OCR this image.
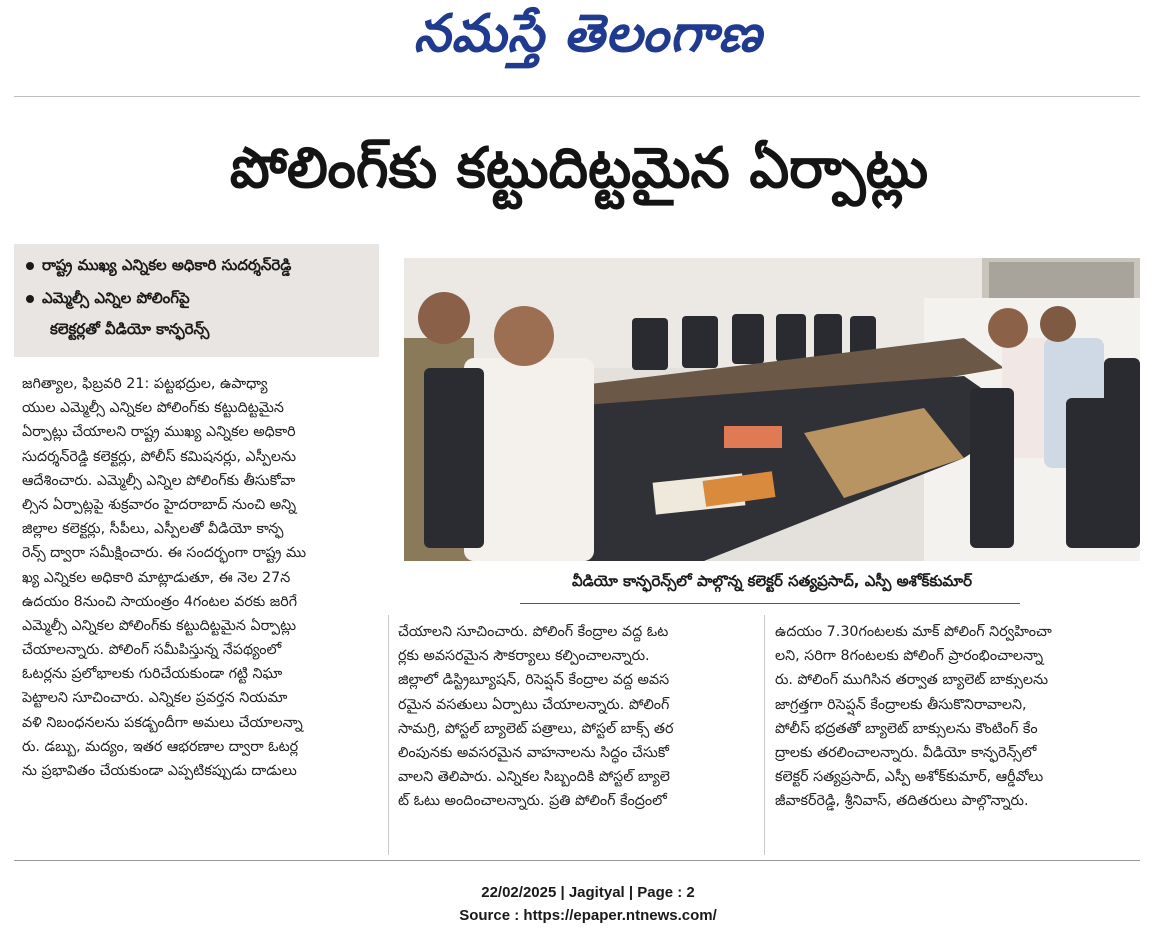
నమస్తే తెలంగాణ
పోలింగ్‌కు కట్టుదిట్టమైన ఏర్పాట్లు
రాష్ట్ర ముఖ్య ఎన్నికల అధికారి సుదర్శన్‌రెడ్డి
ఎమ్మెల్సీ ఎన్నిల పోలింగ్‌పై
కలెక్టర్లతో వీడియో కాన్ఫరెన్స్
వీడియో కాన్ఫరెన్స్‌లో పాల్గొన్న కలెక్టర్ సత్యప్రసాద్, ఎస్పీ అశోక్‌కుమార్
జగిత్యాల, ఫిబ్రవరి 21: పట్టభద్రుల, ఉపాధ్యా
యుల ఎమ్మెల్సీ ఎన్నికల పోలింగ్‌కు కట్టుదిట్టమైన
ఏర్పాట్లు చేయాలని రాష్ట్ర ముఖ్య ఎన్నికల అధికారి
సుదర్శన్‌రెడ్డి కలెక్టర్లు, పోలీస్ కమిషనర్లు, ఎస్పీలను
ఆదేశించారు. ఎమ్మెల్సీ ఎన్నిల పోలింగ్‌కు తీసుకోవా
ల్సిన ఏర్పాట్లపై శుక్రవారం హైదరాబాద్ నుంచి అన్ని
జిల్లాల కలెక్టర్లు, సీపీలు, ఎస్పీలతో వీడియో కాన్ఫ
రెన్స్ ద్వారా సమీక్షించారు. ఈ సందర్భంగా రాష్ట్ర ము
ఖ్య ఎన్నికల అధికారి మాట్లాడుతూ, ఈ నెల 27న
ఉదయం 8నుంచి సాయంత్రం 4గంటల వరకు జరిగే
ఎమ్మెల్సీ ఎన్నికల పోలింగ్‌కు కట్టుదిట్టమైన ఏర్పాట్లు
చేయాలన్నారు. పోలింగ్ సమీపిస్తున్న నేపథ్యంలో
ఓటర్లను ప్రలోభాలకు గురిచేయకుండా గట్టి నిఘా
పెట్టాలని సూచించారు. ఎన్నికల ప్రవర్తన నియమా
వళి నిబంధనలను పకడ్బందీగా అమలు చేయాలన్నా
రు. డబ్బు, మద్యం, ఇతర ఆభరణాల ద్వారా ఓటర్ల
ను ప్రభావితం చేయకుండా ఎప్పటికప్పుడు దాడులు
చేయాలని సూచించారు. పోలింగ్ కేంద్రాల వద్ద ఓట
ర్లకు అవసరమైన సౌకర్యాలు కల్పించాలన్నారు.
జిల్లాలో డిస్ట్రిబ్యూషన్, రిసెప్షన్ కేంద్రాల వద్ద అవస
రమైన వసతులు ఏర్పాటు చేయాలన్నారు. పోలింగ్
సామగ్రి, పోస్టల్ బ్యాలెట్ పత్రాలు, పోస్టల్ బాక్స్ తర
లింపునకు అవసరమైన వాహనాలను సిద్ధం చేసుకో
వాలని తెలిపారు. ఎన్నికల సిబ్బందికి పోస్టల్ బ్యాలె
ట్ ఓటు అందించాలన్నారు. ప్రతి పోలింగ్ కేంద్రంలో
ఉదయం 7.30గంటలకు మాక్ పోలింగ్ నిర్వహించా
లని, సరిగా 8గంటలకు పోలింగ్ ప్రారంభించాలన్నా
రు. పోలింగ్ ముగిసిన తర్వాత బ్యాలెట్ బాక్సులను
జాగ్రత్తగా రిసెప్షన్ కేంద్రాలకు తీసుకొనిరావాలని,
పోలీస్ భద్రతతో బ్యాలెట్ బాక్సులను కౌంటింగ్ కేం
ద్రాలకు తరలించాలన్నారు. వీడియో కాన్ఫరెన్స్‌లో
కలెక్టర్ సత్యప్రసాద్, ఎస్పీ అశోక్‌కుమార్, ఆర్డీవోలు
జీవాకర్‌రెడ్డి, శ్రీనివాస్, తదితరులు పాల్గొన్నారు.
22/02/2025 | Jagityal | Page : 2
Source : https://epaper.ntnews.com/
